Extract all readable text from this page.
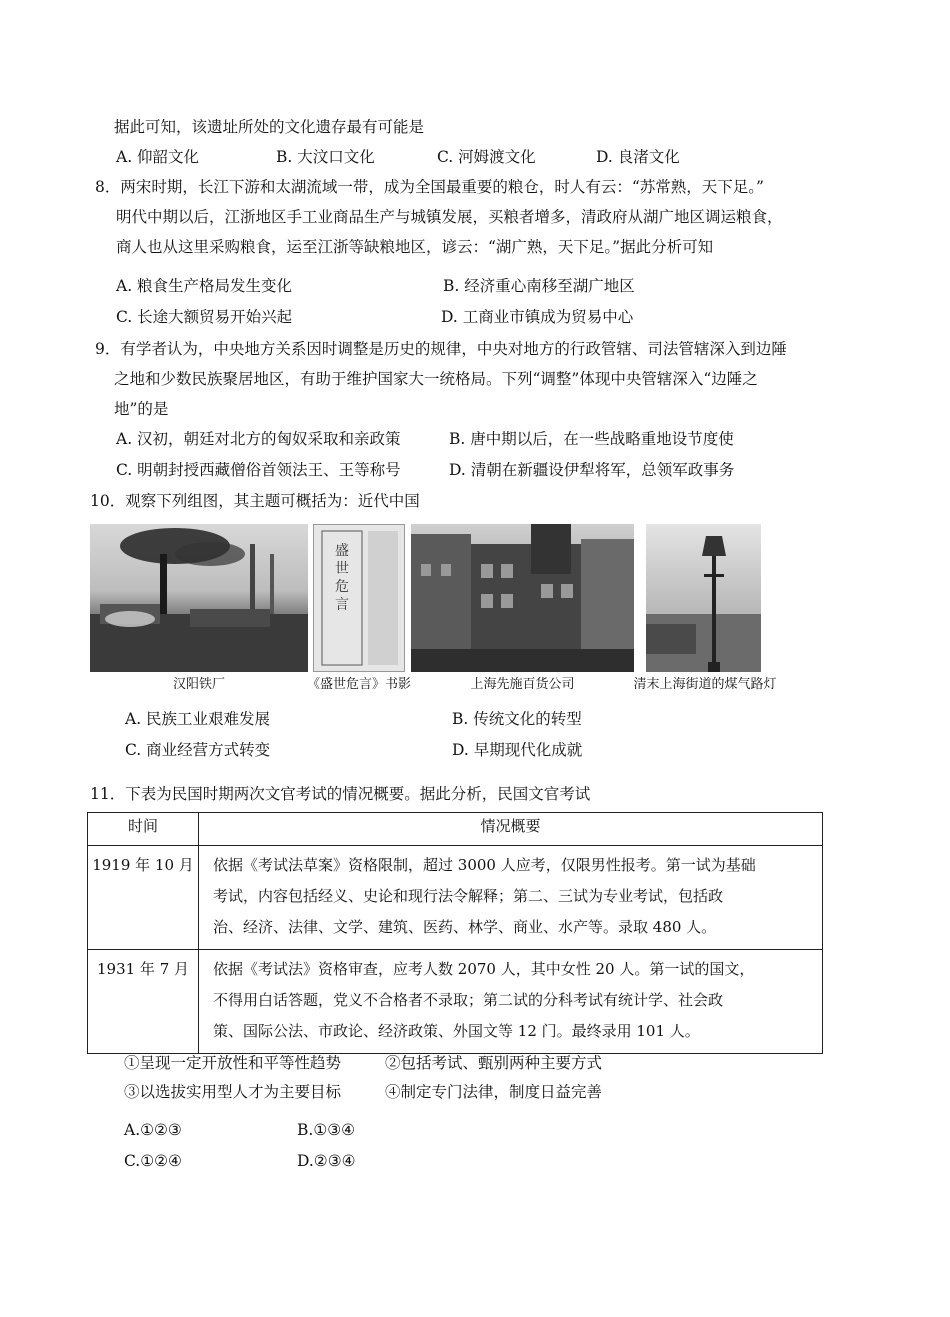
据此可知，该遗址所处的文化遗存最有可能是
A. 仰韶文化	B. 大汶口文化	C. 河姆渡文化	D. 良渚文化
8．两宋时期，长江下游和太湖流域一带，成为全国最重要的粮仓，时人有云：“苏常熟，天下足。”
明代中期以后，江浙地区手工业商品生产与城镇发展，买粮者增多，清政府从湖广地区调运粮食，
商人也从这里采购粮食，运至江浙等缺粮地区，谚云：“湖广熟，天下足。”据此分析可知
A. 粮食生产格局发生变化	B. 经济重心南移至湖广地区
C. 长途大额贸易开始兴起	D. 工商业市镇成为贸易中心
9．有学者认为，中央地方关系因时调整是历史的规律，中央对地方的行政管辖、司法管辖深入到边陲
之地和少数民族聚居地区，有助于维护国家大一统格局。下列“调整”体现中央管辖深入“边陲之
地”的是
A. 汉初，朝廷对北方的匈奴采取和亲政策	B. 唐中期以后，在一些战略重地设节度使
C. 明朝封授西藏僧俗首领法王、王等称号	D. 清朝在新疆设伊犁将军，总领军政事务
10．观察下列组图，其主题可概括为：近代中国
汉阳铁厂
盛
世
危
言
《盛世危言》书影	上海先施百货公司	清末上海街道的煤气路灯
A. 民族工业艰难发展	B. 传统文化的转型
C. 商业经营方式转变	D. 早期现代化成就
11．下表为民国时期两次文官考试的情况概要。据此分析，民国文官考试
时间	情况概要
1919 年 10 月	依据《考试法草案》资格限制，超过 3000 人应考，仅限男性报考。第一试为基础
考试，内容包括经义、史论和现行法令解释；第二、三试为专业考试，包括政
治、经济、法律、文学、建筑、医药、林学、商业、水产等。录取 480 人。

1931 年 7 月	依据《考试法》资格审查，应考人数 2070 人，其中女性 20 人。第一试的国文，
不得用白话答题，党义不合格者不录取；第二试的分科考试有统计学、社会政
策、国际公法、市政论、经济政策、外国文等 12 门。最终录用 101 人。
①呈现一定开放性和平等性趋势	②包括考试、甄别两种主要方式
③以选拔实用型人才为主要目标	④制定专门法律，制度日益完善
A.①②③	B.①③④
C.①②④	D.②③④
